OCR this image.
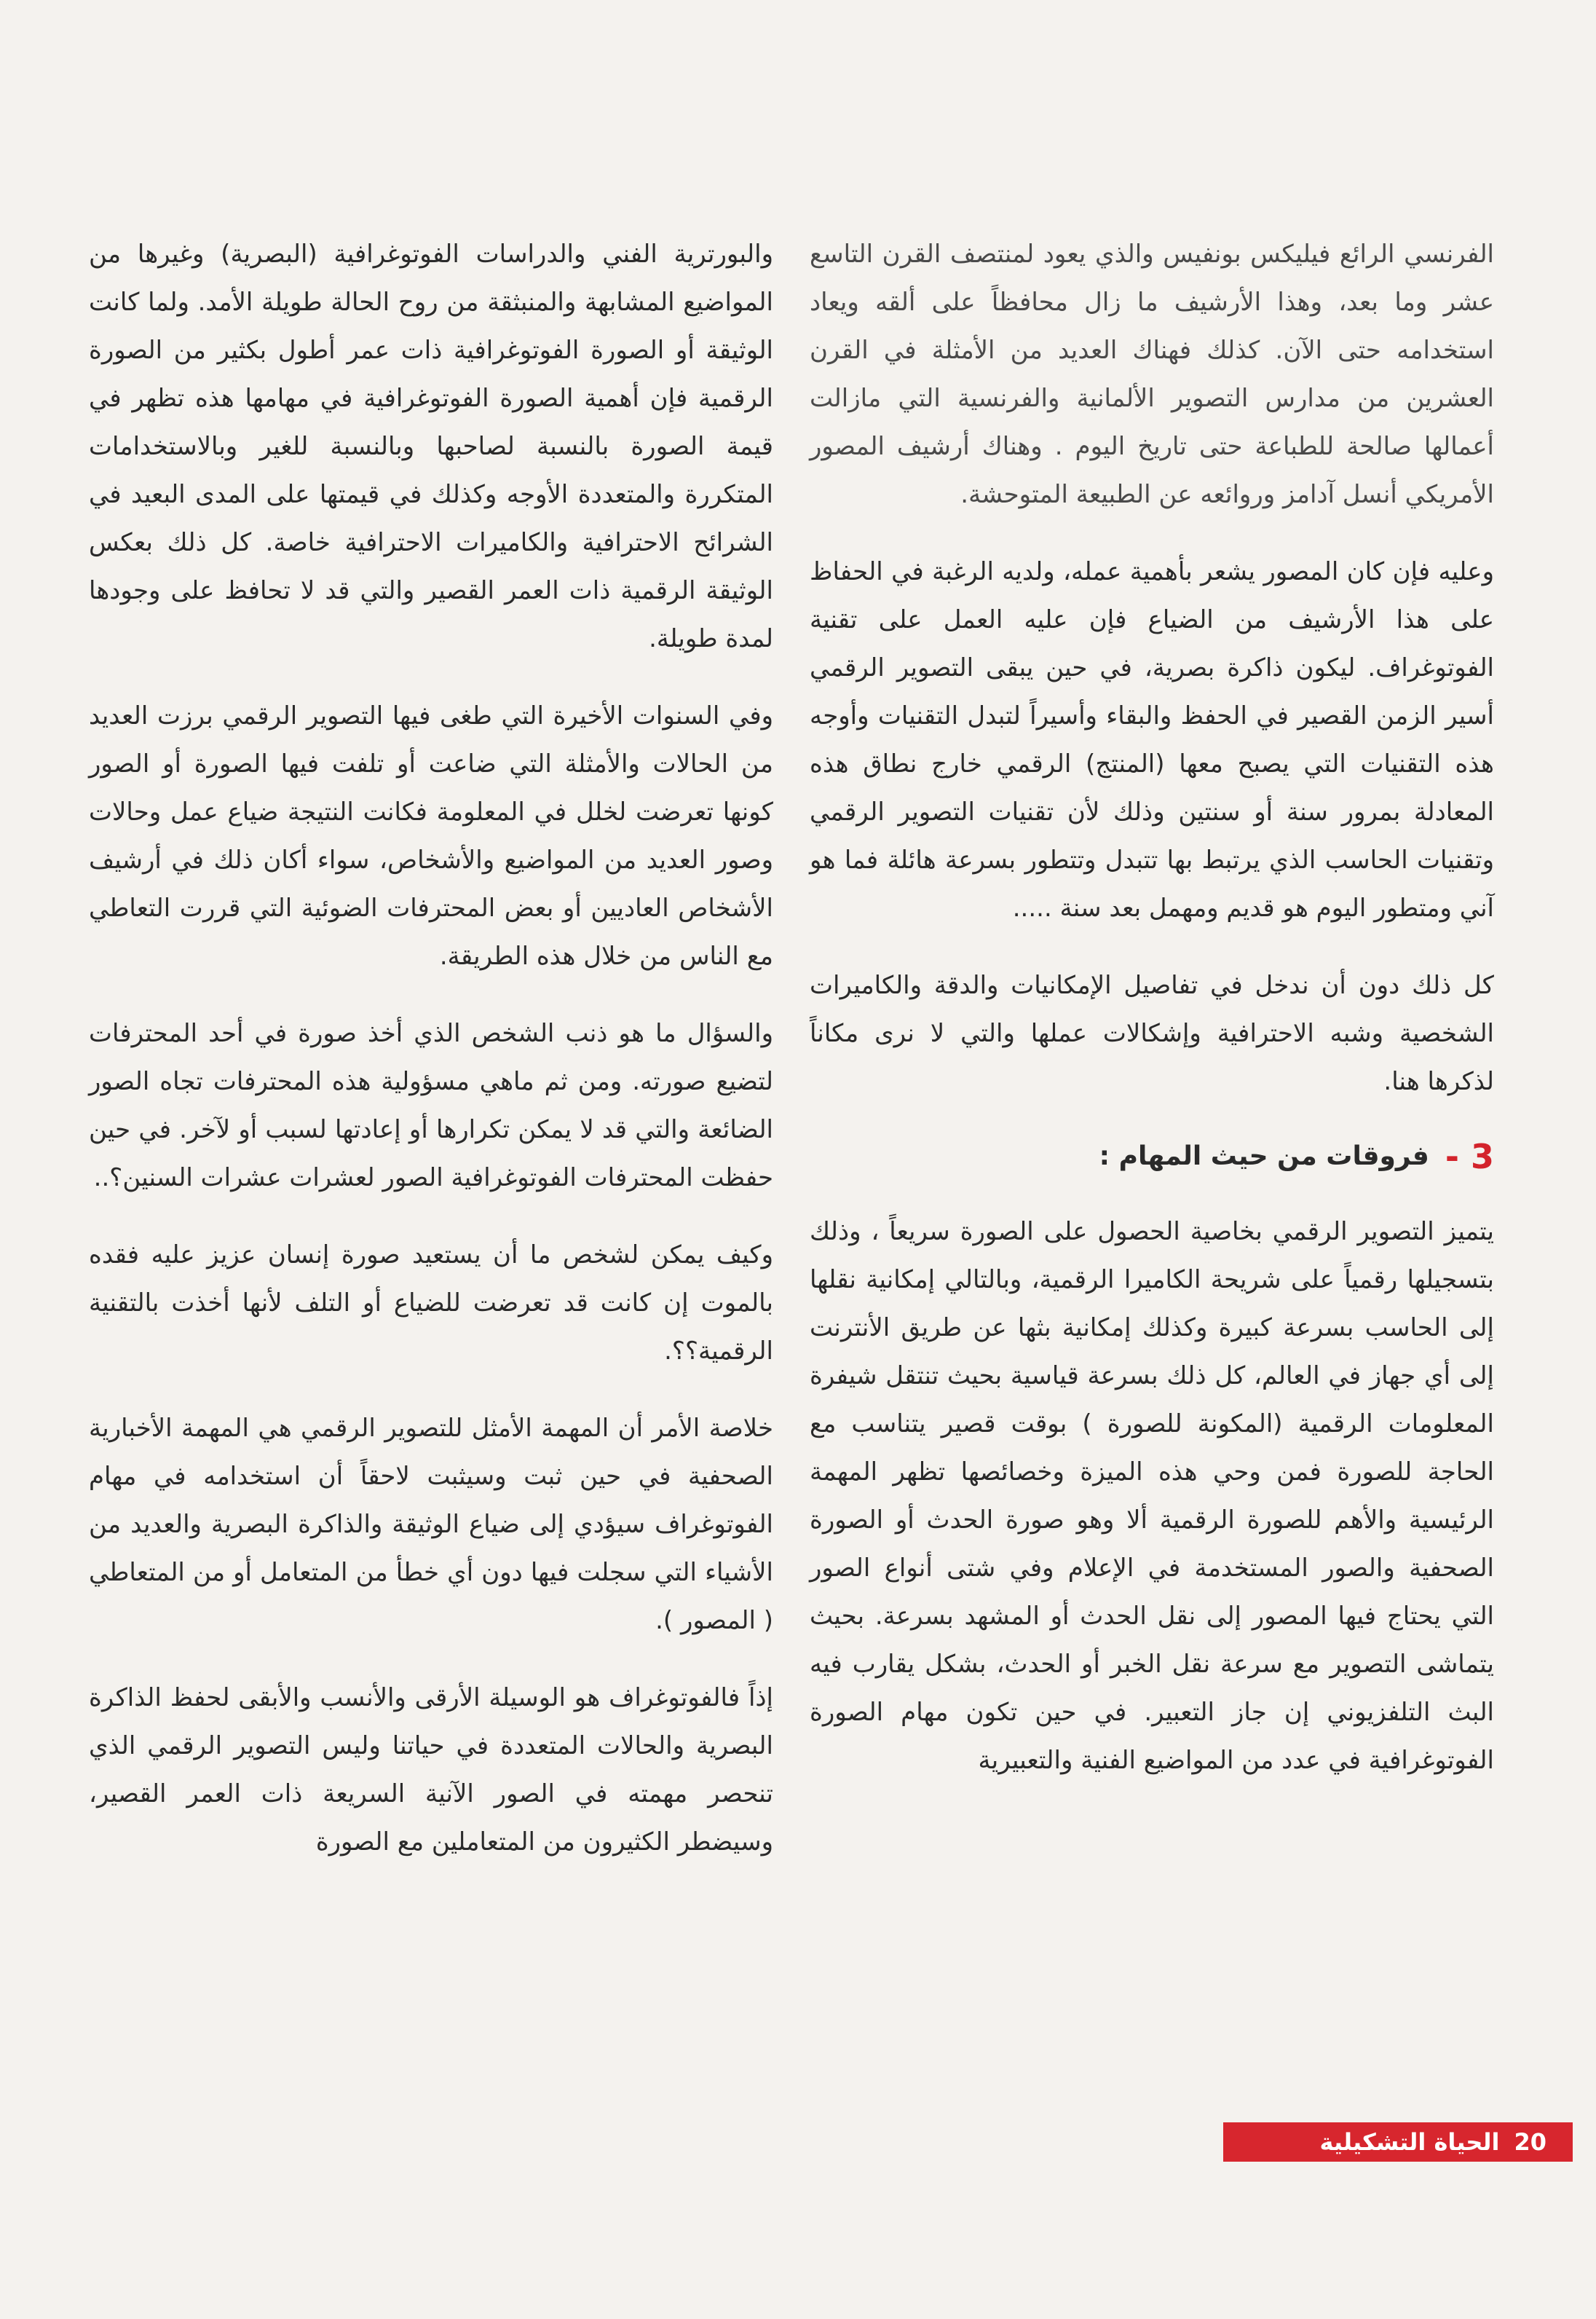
الفرنسي الرائع فيليكس بونفيس والذي يعود لمنتصف القرن التاسع عشر وما بعد، وهذا الأرشيف ما زال محافظاً على ألقه ويعاد استخدامه حتى الآن. كذلك فهناك العديد من الأمثلة في القرن العشرين من مدارس التصوير الألمانية والفرنسية التي مازالت أعمالها صالحة للطباعة حتى تاريخ اليوم . وهناك أرشيف المصور الأمريكي أنسل آدامز وروائعه عن الطبيعة المتوحشة.

وعليه فإن كان المصور يشعر بأهمية عمله، ولديه الرغبة في الحفاظ على هذا الأرشيف من الضياع فإن عليه العمل على تقنية الفوتوغراف. ليكون ذاكرة بصرية، في حين يبقى التصوير الرقمي أسير الزمن القصير في الحفظ والبقاء وأسيراً لتبدل التقنيات وأوجه هذه التقنيات التي يصبح معها (المنتج) الرقمي خارج نطاق هذه المعادلة بمرور سنة أو سنتين وذلك لأن تقنيات التصوير الرقمي وتقنيات الحاسب الذي يرتبط بها تتبدل وتتطور بسرعة هائلة فما هو آني ومتطور اليوم هو قديم ومهمل بعد سنة .....

كل ذلك دون أن ندخل في تفاصيل الإمكانيات والدقة والكاميرات الشخصية وشبه الاحترافية وإشكالات عملها والتي لا نرى مكاناً لذكرها هنا.

3 -
فروقات من حيث المهام :

يتميز التصوير الرقمي بخاصية الحصول على الصورة سريعاً ، وذلك بتسجيلها رقمياً على شريحة الكاميرا الرقمية، وبالتالي إمكانية نقلها إلى الحاسب بسرعة كبيرة وكذلك إمكانية بثها عن طريق الأنترنت إلى أي جهاز في العالم، كل ذلك بسرعة قياسية بحيث تنتقل شيفرة المعلومات الرقمية (المكونة للصورة ) بوقت قصير يتناسب مع الحاجة للصورة فمن وحي هذه الميزة وخصائصها تظهر المهمة الرئيسية والأهم للصورة الرقمية ألا وهو صورة الحدث أو الصورة الصحفية والصور المستخدمة في الإعلام وفي شتى أنواع الصور التي يحتاج فيها المصور إلى نقل الحدث أو المشهد بسرعة. بحيث يتماشى التصوير مع سرعة نقل الخبر أو الحدث، بشكل يقارب فيه البث التلفزيوني إن جاز التعبير. في حين تكون مهام الصورة الفوتوغرافية في عدد من المواضيع الفنية والتعبيرية

والبورترية الفني والدراسات الفوتوغرافية (البصرية) وغيرها من المواضيع المشابهة والمنبثقة من روح الحالة طويلة الأمد. ولما كانت الوثيقة أو الصورة الفوتوغرافية ذات عمر أطول بكثير من الصورة الرقمية فإن أهمية الصورة الفوتوغرافية في مهامها هذه تظهر في قيمة الصورة بالنسبة لصاحبها وبالنسبة للغير وبالاستخدامات المتكررة والمتعددة الأوجه وكذلك في قيمتها على المدى البعيد في الشرائح الاحترافية والكاميرات الاحترافية خاصة. كل ذلك بعكس الوثيقة الرقمية ذات العمر القصير والتي قد لا تحافظ على وجودها لمدة طويلة.

وفي السنوات الأخيرة التي طغى فيها التصوير الرقمي برزت العديد من الحالات والأمثلة التي ضاعت أو تلفت فيها الصورة أو الصور كونها تعرضت لخلل في المعلومة فكانت النتيجة ضياع عمل وحالات وصور العديد من المواضيع والأشخاص، سواء أكان ذلك في أرشيف الأشخاص العاديين أو بعض المحترفات الضوئية التي قررت التعاطي مع الناس من خلال هذه الطريقة.

والسؤال ما هو ذنب الشخص الذي أخذ صورة في أحد المحترفات لتضيع صورته. ومن ثم ماهي مسؤولية هذه المحترفات تجاه الصور الضائعة والتي قد لا يمكن تكرارها أو إعادتها لسبب أو لآخر. في حين حفظت المحترفات الفوتوغرافية الصور لعشرات عشرات السنين؟..

وكيف يمكن لشخص ما أن يستعيد صورة إنسان عزيز عليه فقده بالموت إن كانت قد تعرضت للضياع أو التلف لأنها أخذت بالتقنية الرقمية؟؟.

خلاصة الأمر أن المهمة الأمثل للتصوير الرقمي هي المهمة الأخبارية الصحفية في حين ثبت وسيثبت لاحقاً أن استخدامه في مهام الفوتوغراف سيؤدي إلى ضياع الوثيقة والذاكرة البصرية والعديد من الأشياء التي سجلت فيها دون أي خطأ من المتعامل أو من المتعاطي ( المصور ).

إذاً فالفوتوغراف هو الوسيلة الأرقى والأنسب والأبقى لحفظ الذاكرة البصرية والحالات المتعددة في حياتنا وليس التصوير الرقمي الذي تنحصر مهمته في الصور الآنية السريعة ذات العمر القصير، وسيضطر الكثيرون من المتعاملين مع الصورة

20
الحياة التشكيلية
